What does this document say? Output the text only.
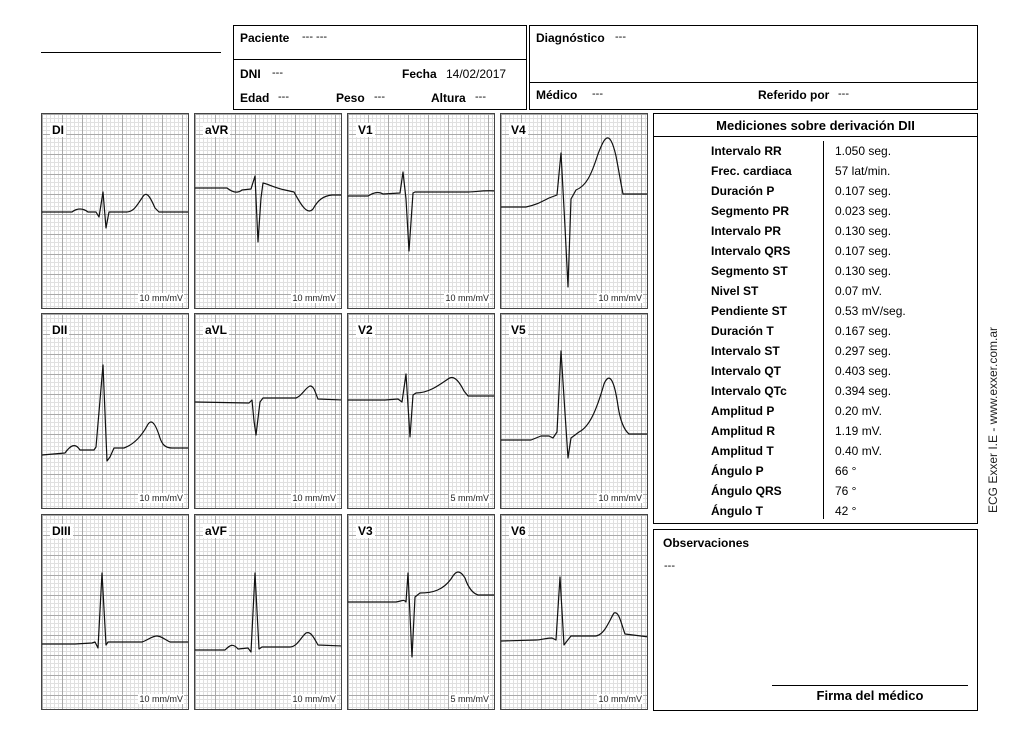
Paciente --- ---
DNI ---	Fecha 14/02/2017
Edad ---	Peso ---	Altura ---
Diagnóstico ---
Médico ---	Referido por ---
DI
10 mm/mV
aVR
10 mm/mV
V1
10 mm/mV
V4
10 mm/mV
DII
10 mm/mV
aVL
10 mm/mV
V2
5 mm/mV
V5
10 mm/mV
DIII
10 mm/mV
aVF
10 mm/mV
V3
5 mm/mV
V6
10 mm/mV
Mediciones sobre derivación DII
Intervalo RR	1.050 seg.
Frec. cardiaca	57 lat/min.
Duración P	0.107 seg.
Segmento PR	0.023 seg.
Intervalo PR	0.130 seg.
Intervalo QRS	0.107 seg.
Segmento ST	0.130 seg.
Nivel ST	0.07 mV.
Pendiente ST	0.53 mV/seg.
Duración T	0.167 seg.
Intervalo ST	0.297 seg.
Intervalo QT	0.403 seg.
Intervalo QTc	0.394 seg.
Amplitud P	0.20 mV.
Amplitud R	1.19 mV.
Amplitud T	0.40 mV.
Ángulo P	66 °
Ángulo QRS	76 °
Ángulo T	42 °
Observaciones
---
Firma del médico
ECG Exxer I.E - www.exxer.com.ar
